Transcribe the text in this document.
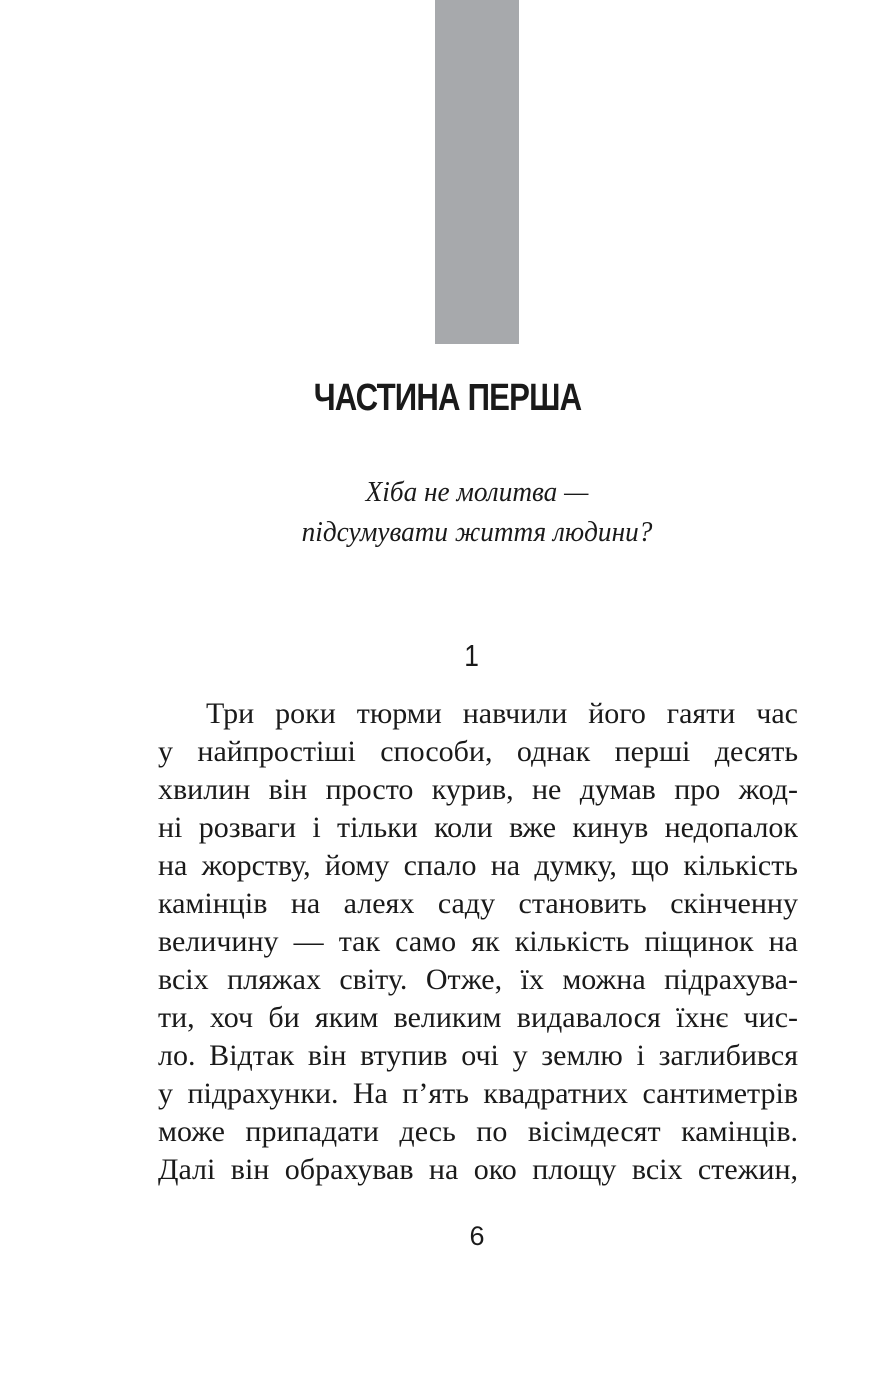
ЧАСТИНА ПЕРША
Хіба не молитва —
підсумувати життя людини?
1
Три роки тюрми навчили його гаяти час
у найпростіші способи, однак перші десять
хвилин він просто курив, не думав про жод-
ні розваги і тільки коли вже кинув недопалок
на жорству, йому спало на думку, що кількість
камінців на алеях саду становить скінченну
величину — так само як кількість піщинок на
всіх пляжах світу. Отже, їх можна підрахува-
ти, хоч би яким великим видавалося їхнє чис-
ло. Відтак він втупив очі у землю і заглибився
у підрахунки. На п’ять квадратних сантиметрів
може припадати десь по вісімдесят камінців.
Далі він обрахував на око площу всіх стежин,
6
